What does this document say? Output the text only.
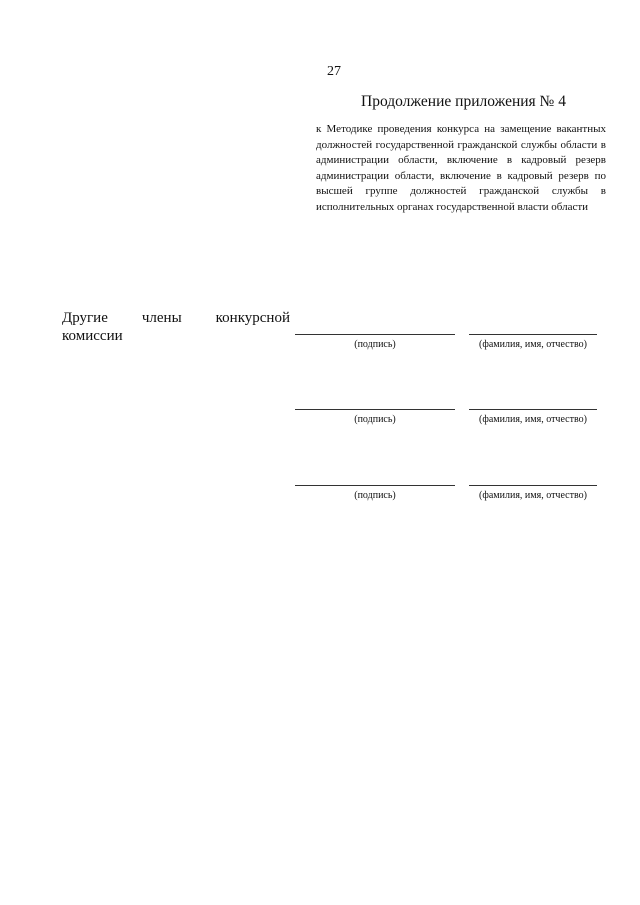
27
Продолжение приложения № 4
к Методике проведения конкурса на замещение вакантных должностей государственной гражданской службы области в администрации области, включение в кадровый резерв администрации области, включение в кадровый резерв по высшей группе должностей гражданской службы в исполнительных органах государственной власти области
Другие члены конкурсной комиссии
(подпись)	(фамилия, имя, отчество)
(подпись)	(фамилия, имя, отчество)
(подпись)	(фамилия, имя, отчество)
